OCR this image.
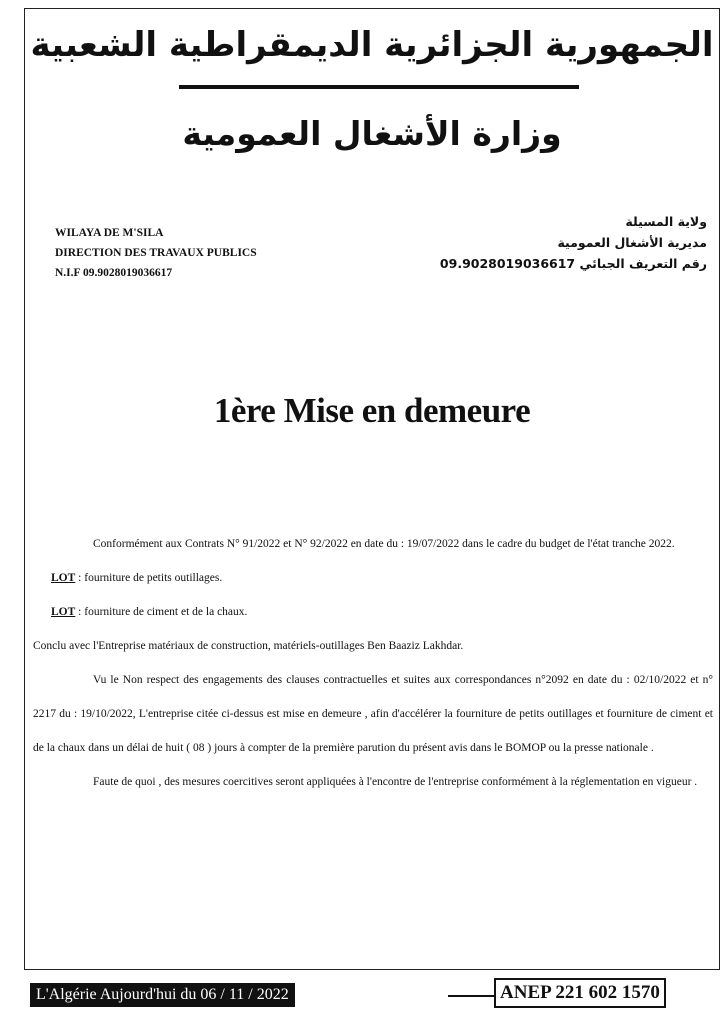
الجمهورية الجزائرية الديمقراطية الشعبية
وزارة الأشغال العمومية
WILAYA DE M'SILA
DIRECTION DES TRAVAUX PUBLICS
N.I.F 09.9028019036617
ولاية المسيلة
مديرية الأشغال العمومية
رقم التعريف الجبائي 09.9028019036617
1ère Mise en demeure

Conformément aux Contrats N° 91/2022 et N° 92/2022 en date du : 19/07/2022 dans le cadre du budget de l'état tranche 2022.

LOT : fourniture de petits outillages.

LOT : fourniture de ciment et de la chaux.

Conclu avec l'Entreprise matériaux de construction, matériels-outillages Ben Baaziz Lakhdar.

Vu le Non respect des engagements des clauses contractuelles et suites aux correspondances n°2092 en date du : 02/10/2022 et n° 2217 du : 19/10/2022, L'entreprise citée ci-dessus est mise en demeure , afin d'accélérer la fourniture de petits outillages et fourniture de ciment et de la chaux dans un délai de huit ( 08 ) jours à compter de la première parution du présent avis dans le BOMOP ou la presse nationale .

Faute de quoi , des mesures coercitives seront appliquées à l'encontre de l'entreprise conformément à la réglementation en vigueur .

L'Algérie Aujourd'hui du 06 / 11 / 2022	ANEP 221 602 1570
